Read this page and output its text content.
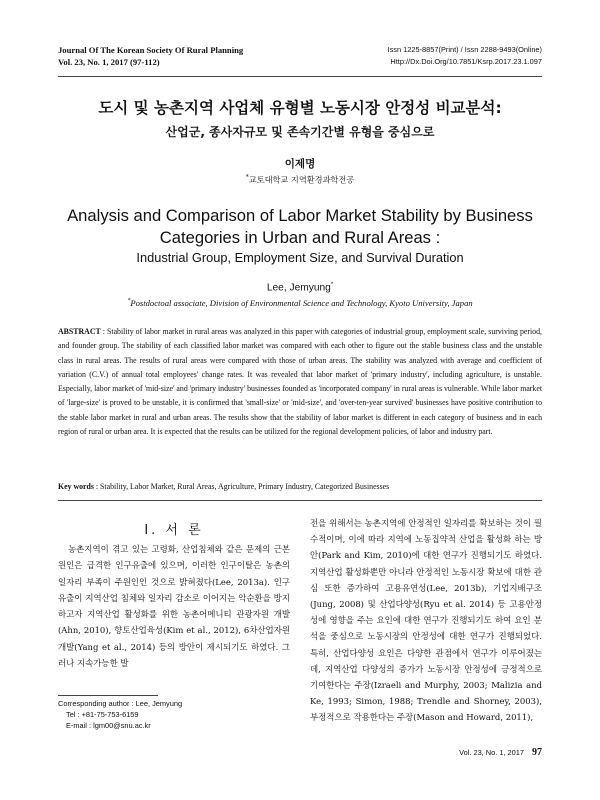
Journal Of The Korean Society Of Rural Planning
Vol. 23, No. 1, 2017 (97-112)
Issn 1225-8857(Print) / Issn 2288-9493(Online)
Http://Dx.Doi.Org/10.7851/Ksrp.2017.23.1.097
도시 및 농촌지역 사업체 유형별 노동시장 안정성 비교분석:
산업군, 종사자규모 및 존속기간별 유형을 중심으로
이제명
*교토대학교 지역환경과학전공
Analysis and Comparison of Labor Market Stability by Business
Categories in Urban and Rural Areas :
Industrial Group, Employment Size, and Survival Duration
Lee, Jemyung*
*Postdoctoal associate, Division of Environmental Science and Technology, Kyoto University, Japan
ABSTRACT : Stability of labor market in rural areas was analyzed in this paper with categories of industrial group, employment scale, surviving period, and founder group. The stability of each classified labor market was compared with each other to figure out the stable business class and the unstable class in rural areas. The results of rural areas were compared with those of urban areas. The stability was analyzed with average and coefficient of variation (C.V.) of annual total employees' change rates. It was revealed that labor market of 'primary industry', including agriculture, is unstable. Especially, labor market of 'mid-size' and 'primary industry' businesses founded as 'incorporated company' in rural areas is vulnerable. While labor market of 'large-size' is proved to be unstable, it is confirmed that 'small-size' or 'mid-size', and 'over-ten-year survived' businesses have positive contribution to the stable labor market in rural and urban areas. The results show that the stability of labor market is different in each category of business and in each region of rural or urban area. It is expected that the results can be utilized for the regional development policies, of labor and industry part.
Key words : Stability, Labor Market, Rural Areas, Agriculture, Primary Industry, Categorized Businesses
I. 서 론
농촌지역이 겪고 있는 고령화, 산업침체와 같은 문제의 근본원인은 급격한 인구유출에 있으며, 이러한 인구이탈은 농촌의 일자리 부족이 주원인인 것으로 밝혀졌다(Lee, 2013a). 인구유출이 지역산업 침체와 일자리 감소로 이어지는 악순환을 방지하고자 지역산업 활성화를 위한 농촌어메니티 관광자원 개발(Ahn, 2010), 향토산업육성(Kim et al., 2012), 6차산업자원 개발(Yang et al., 2014) 등의 방안이 제시되기도 하였다. 그러나 지속가능한 발
전을 위해서는 농촌지역에 안정적인 일자리를 확보하는 것이 필수적이며, 이에 따라 지역에 노동집약적 산업을 활성화 하는 방안(Park and Kim, 2010)에 대한 연구가 진행되기도 하였다. 지역산업 활성화뿐만 아니라 안정적인 노동시장 확보에 대한 관심 또한 증가하여 고용유연성(Lee, 2013b), 기업지배구조(Jung, 2008) 및 산업다양성(Ryu et al. 2014) 등 고용안정성에 영향을 주는 요인에 대한 연구가 진행되기도 하여 요인 분석을 중심으로 노동시장의 안정성에 대한 연구가 진행되었다. 특히, 산업다양성 요인은 다양한 관점에서 연구가 이루어졌는데, 지역산업 다양성의 증가가 노동시장 안정성에 긍정적으로 기여한다는 주장(Izraeli and Murphy, 2003; Malizia and Ke, 1993; Simon, 1988; Trendle and Shorney, 2003), 부정적으로 작용한다는 주장(Mason and Howard, 2011),
Corresponding author : Lee, Jemyung
Tel : +81-75-753-6159
E-mail : lgm00@snu.ac.kr
Vol. 23, No. 1, 2017 97
